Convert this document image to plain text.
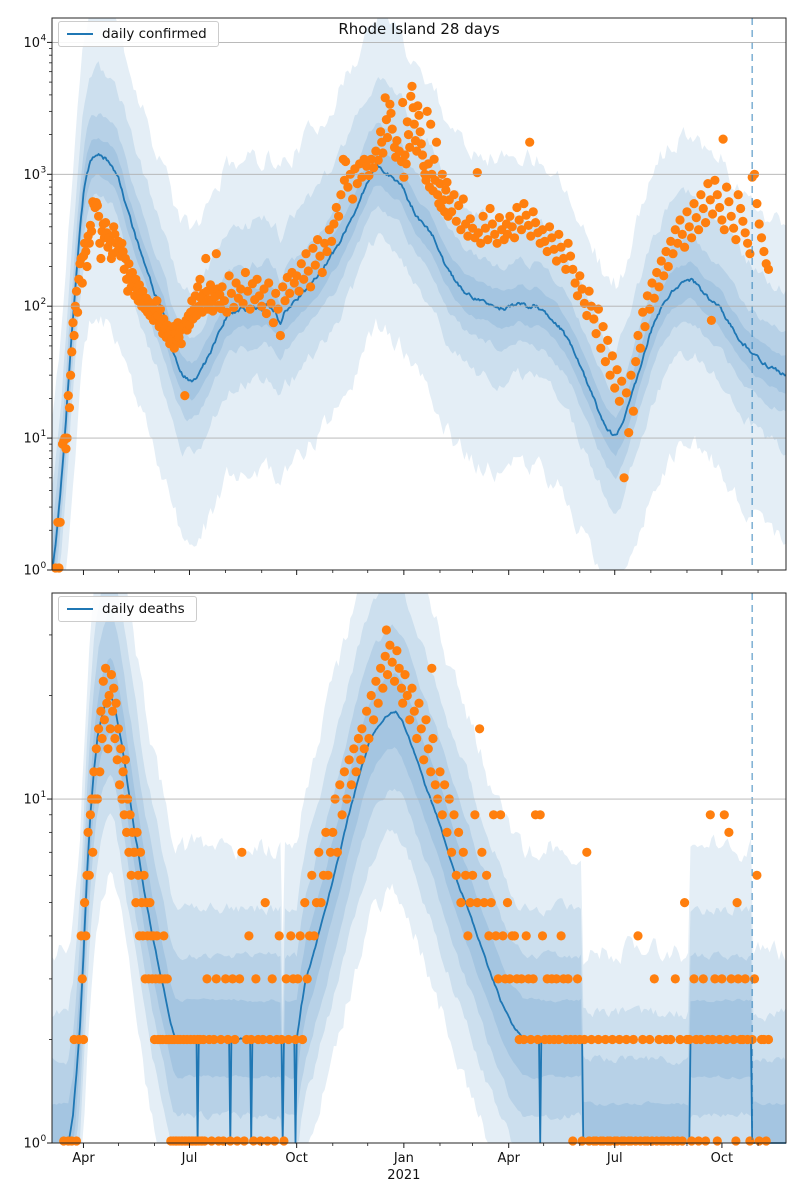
10 0
10 1
10 2
10 3
10 4
10 0
10 1
Apr	Jul	Oct	Jan
2021
Apr	Jul	Oct
Rhode Island 28 days
daily confirmed
daily deaths
